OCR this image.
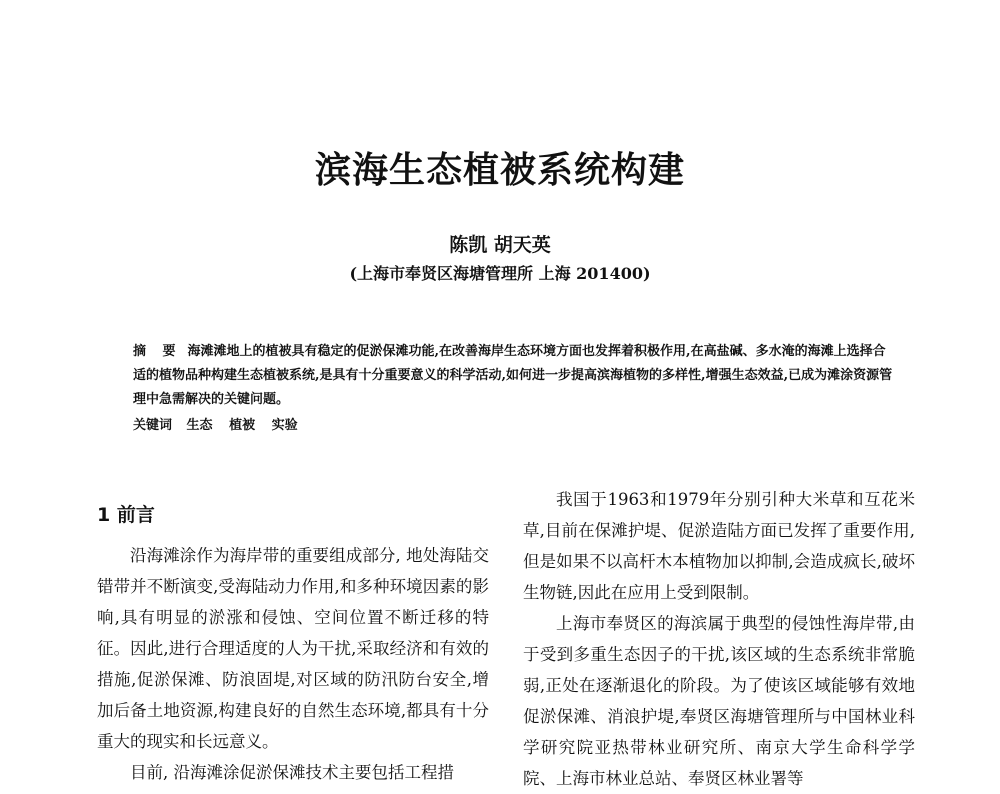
滨海生态植被系统构建
陈凯 胡天英
(上海市奉贤区海塘管理所 上海 201400)
摘 要 海滩滩地上的植被具有稳定的促淤保滩功能,在改善海岸生态环境方面也发挥着积极作用,在高盐碱、多水淹的海滩上选择合适的植物品种构建生态植被系统,是具有十分重要意义的科学活动,如何进一步提高滨海植物的多样性,增强生态效益,已成为滩涂资源管理中急需解决的关键问题。
关键词 生态 植被 实验
1 前言

沿海滩涂作为海岸带的重要组成部分, 地处海陆交错带并不断演变,受海陆动力作用,和多种环境因素的影响,具有明显的淤涨和侵蚀、空间位置不断迁移的特征。因此,进行合理适度的人为干扰,采取经济和有效的措施,促淤保滩、防浪固堤,对区域的防汛防台安全,增加后备土地资源,构建良好的自然生态环境,都具有十分重大的现实和长远意义。

目前, 沿海滩涂促淤保滩技术主要包括工程措

我国于1963和1979年分别引种大米草和互花米草,目前在保滩护堤、促淤造陆方面已发挥了重要作用,但是如果不以高杆木本植物加以抑制,会造成疯长,破坏生物链,因此在应用上受到限制。

上海市奉贤区的海滨属于典型的侵蚀性海岸带,由于受到多重生态因子的干扰,该区域的生态系统非常脆弱,正处在逐渐退化的阶段。为了使该区域能够有效地促淤保滩、消浪护堤,奉贤区海塘管理所与中国林业科学研究院亚热带林业研究所、南京大学生命科学学院、上海市林业总站、奉贤区林业署等
